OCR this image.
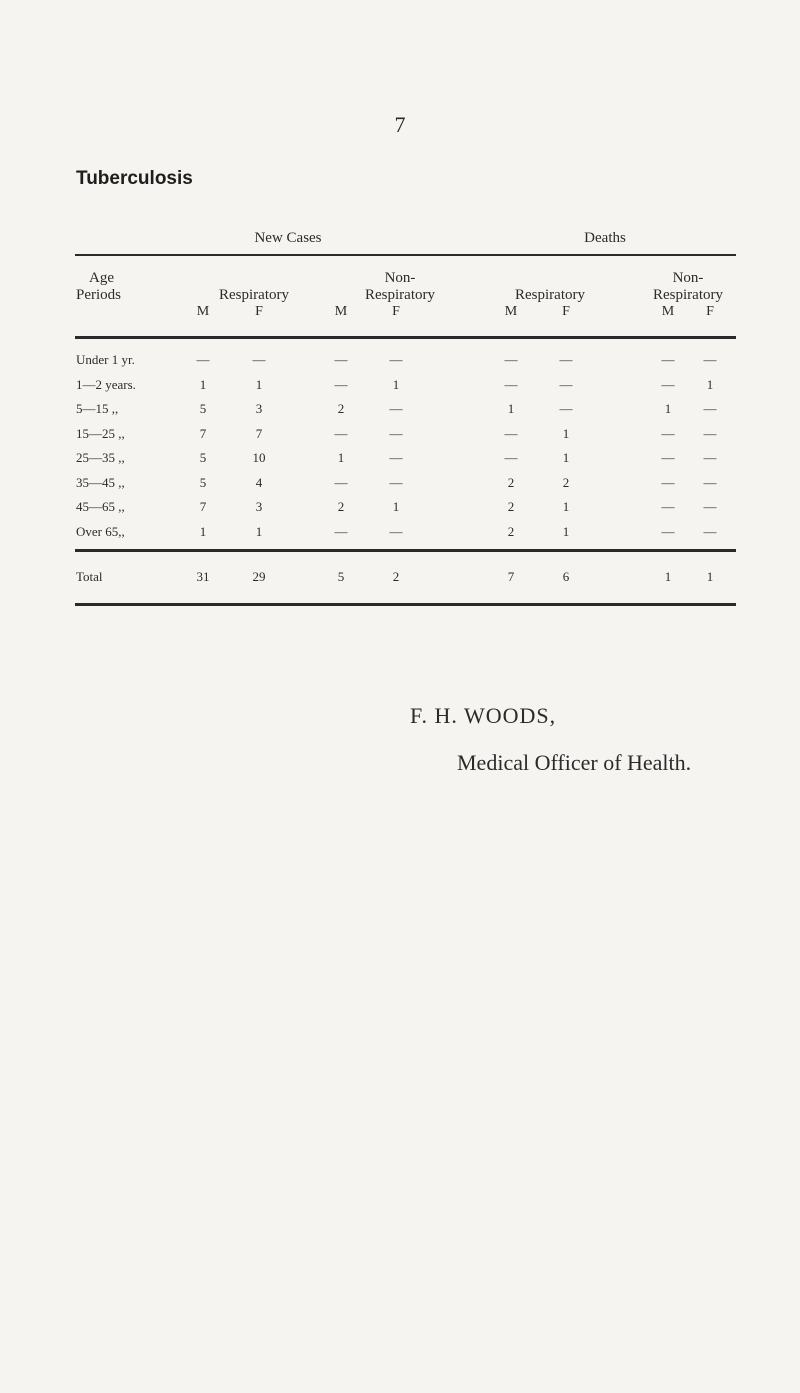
7
Tuberculosis
New Cases	Deaths
Age
Periods
	Respiratory
Non-
Respiratory
	Respiratory
Non-
Respiratory
M	F	M	F	M	F	M	F
Under 1 yr.	—	—	—	—	—	—	—	—
1—2 years.	1	1	—	1	—	—	—	1
5—15 ,,	5	3	2	—	1	—	1	—
15—25 ,,	7	7	—	—	—	1	—	—
25—35 ,,	5	10	1	—	—	1	—	—
35—45 ,,	5	4	—	—	2	2	—	—
45—65 ,,	7	3	2	1	2	1	—	—
Over 65,,	1	1	—	—	2	1	—	—
Total	31	29	5	2	7	6	1	1
F. H. WOODS,
Medical Officer of Health.
